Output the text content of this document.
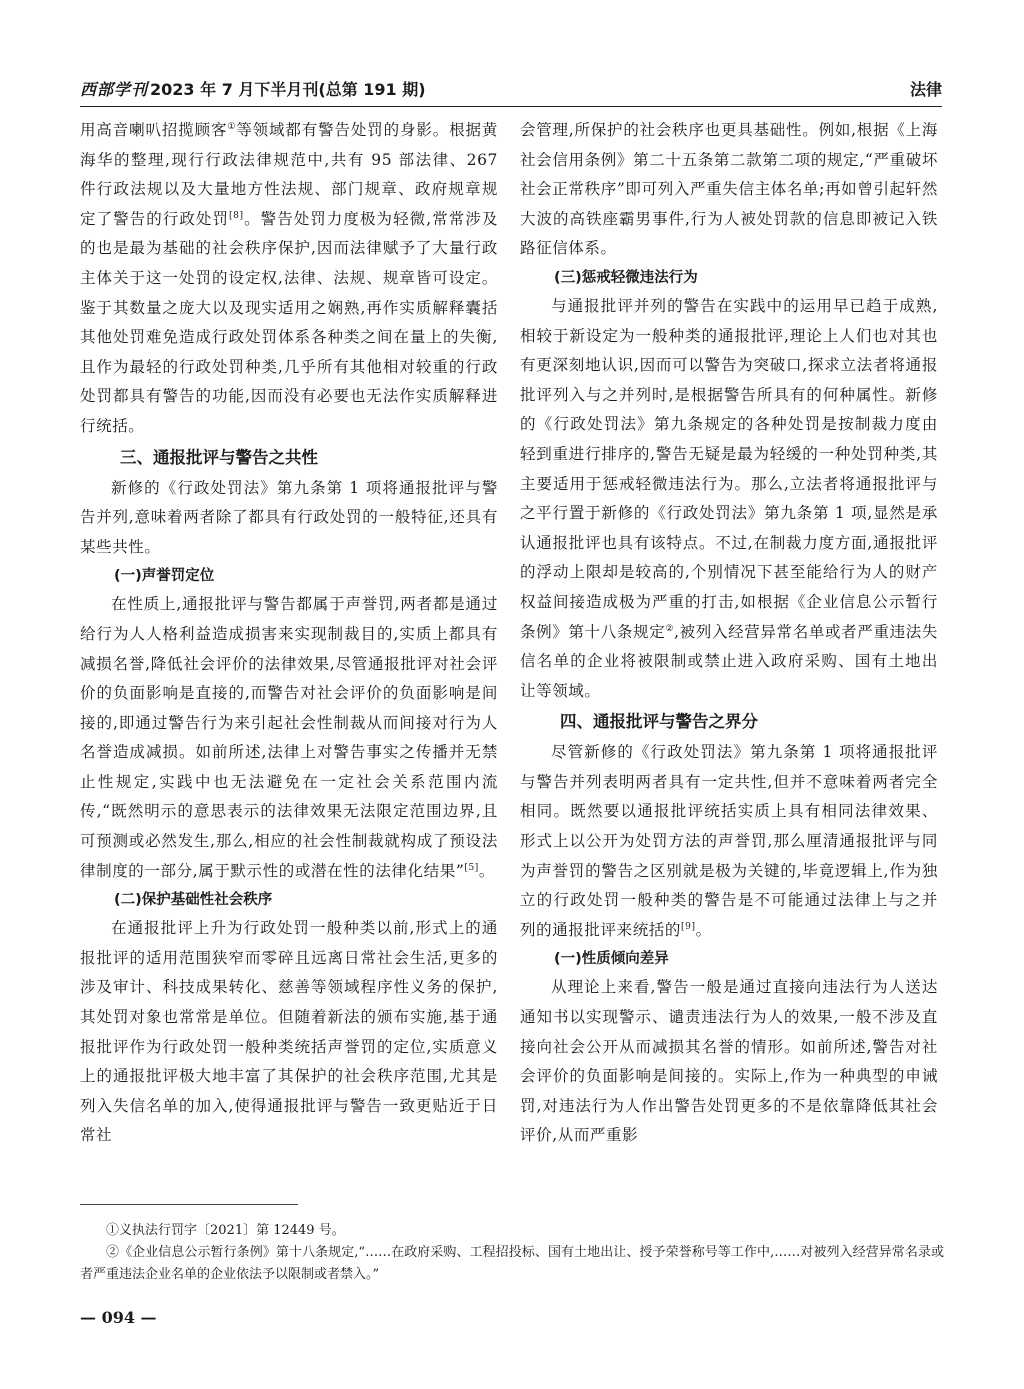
西部学刊 2023 年 7 月下半月刊(总第 191 期)	法律

用高音喇叭招揽顾客①等领域都有警告处罚的身影。根据黄海华的整理,现行行政法律规范中,共有 95 部法律、267 件行政法规以及大量地方性法规、部门规章、政府规章规定了警告的行政处罚[8]。警告处罚力度极为轻微,常常涉及的也是最为基础的社会秩序保护,因而法律赋予了大量行政主体关于这一处罚的设定权,法律、法规、规章皆可设定。鉴于其数量之庞大以及现实适用之娴熟,再作实质解释囊括其他处罚难免造成行政处罚体系各种类之间在量上的失衡,且作为最轻的行政处罚种类,几乎所有其他相对较重的行政处罚都具有警告的功能,因而没有必要也无法作实质解释进行统括。

三、通报批评与警告之共性

新修的《行政处罚法》第九条第 1 项将通报批评与警告并列,意味着两者除了都具有行政处罚的一般特征,还具有某些共性。

(一)声誉罚定位

在性质上,通报批评与警告都属于声誉罚,两者都是通过给行为人人格利益造成损害来实现制裁目的,实质上都具有减损名誉,降低社会评价的法律效果,尽管通报批评对社会评价的负面影响是直接的,而警告对社会评价的负面影响是间接的,即通过警告行为来引起社会性制裁从而间接对行为人名誉造成减损。如前所述,法律上对警告事实之传播并无禁止性规定,实践中也无法避免在一定社会关系范围内流传,“既然明示的意思表示的法律效果无法限定范围边界,且可预测或必然发生,那么,相应的社会性制裁就构成了预设法律制度的一部分,属于默示性的或潜在性的法律化结果”[5]。

(二)保护基础性社会秩序

在通报批评上升为行政处罚一般种类以前,形式上的通报批评的适用范围狭窄而零碎且远离日常社会生活,更多的涉及审计、科技成果转化、慈善等领域程序性义务的保护,其处罚对象也常常是单位。但随着新法的颁布实施,基于通报批评作为行政处罚一般种类统括声誉罚的定位,实质意义上的通报批评极大地丰富了其保护的社会秩序范围,尤其是列入失信名单的加入,使得通报批评与警告一致更贴近于日常社

会管理,所保护的社会秩序也更具基础性。例如,根据《上海社会信用条例》第二十五条第二款第二项的规定,“严重破坏社会正常秩序”即可列入严重失信主体名单;再如曾引起轩然大波的高铁座霸男事件,行为人被处罚款的信息即被记入铁路征信体系。

(三)惩戒轻微违法行为

与通报批评并列的警告在实践中的运用早已趋于成熟,相较于新设定为一般种类的通报批评,理论上人们也对其也有更深刻地认识,因而可以警告为突破口,探求立法者将通报批评列入与之并列时,是根据警告所具有的何种属性。新修的《行政处罚法》第九条规定的各种处罚是按制裁力度由轻到重进行排序的,警告无疑是最为轻缓的一种处罚种类,其主要适用于惩戒轻微违法行为。那么,立法者将通报批评与之平行置于新修的《行政处罚法》第九条第 1 项,显然是承认通报批评也具有该特点。不过,在制裁力度方面,通报批评的浮动上限却是较高的,个别情况下甚至能给行为人的财产权益间接造成极为严重的打击,如根据《企业信息公示暂行条例》第十八条规定②,被列入经营异常名单或者严重违法失信名单的企业将被限制或禁止进入政府采购、国有土地出让等领域。

四、通报批评与警告之界分

尽管新修的《行政处罚法》第九条第 1 项将通报批评与警告并列表明两者具有一定共性,但并不意味着两者完全相同。既然要以通报批评统括实质上具有相同法律效果、形式上以公开为处罚方法的声誉罚,那么厘清通报批评与同为声誉罚的警告之区别就是极为关键的,毕竟逻辑上,作为独立的行政处罚一般种类的警告是不可能通过法律上与之并列的通报批评来统括的[9]。

(一)性质倾向差异

从理论上来看,警告一般是通过直接向违法行为人送达通知书以实现警示、谴责违法行为人的效果,一般不涉及直接向社会公开从而减损其名誉的情形。如前所述,警告对社会评价的负面影响是间接的。实际上,作为一种典型的申诫罚,对违法行为人作出警告处罚更多的不是依靠降低其社会评价,从而严重影

①义执法行罚字〔2021〕第 12449 号。

②《企业信息公示暂行条例》第十八条规定,“……在政府采购、工程招投标、国有土地出让、授予荣誉称号等工作中,……对被列入经营异常名录或者严重违法企业名单的企业依法予以限制或者禁入。”

— 094 —
